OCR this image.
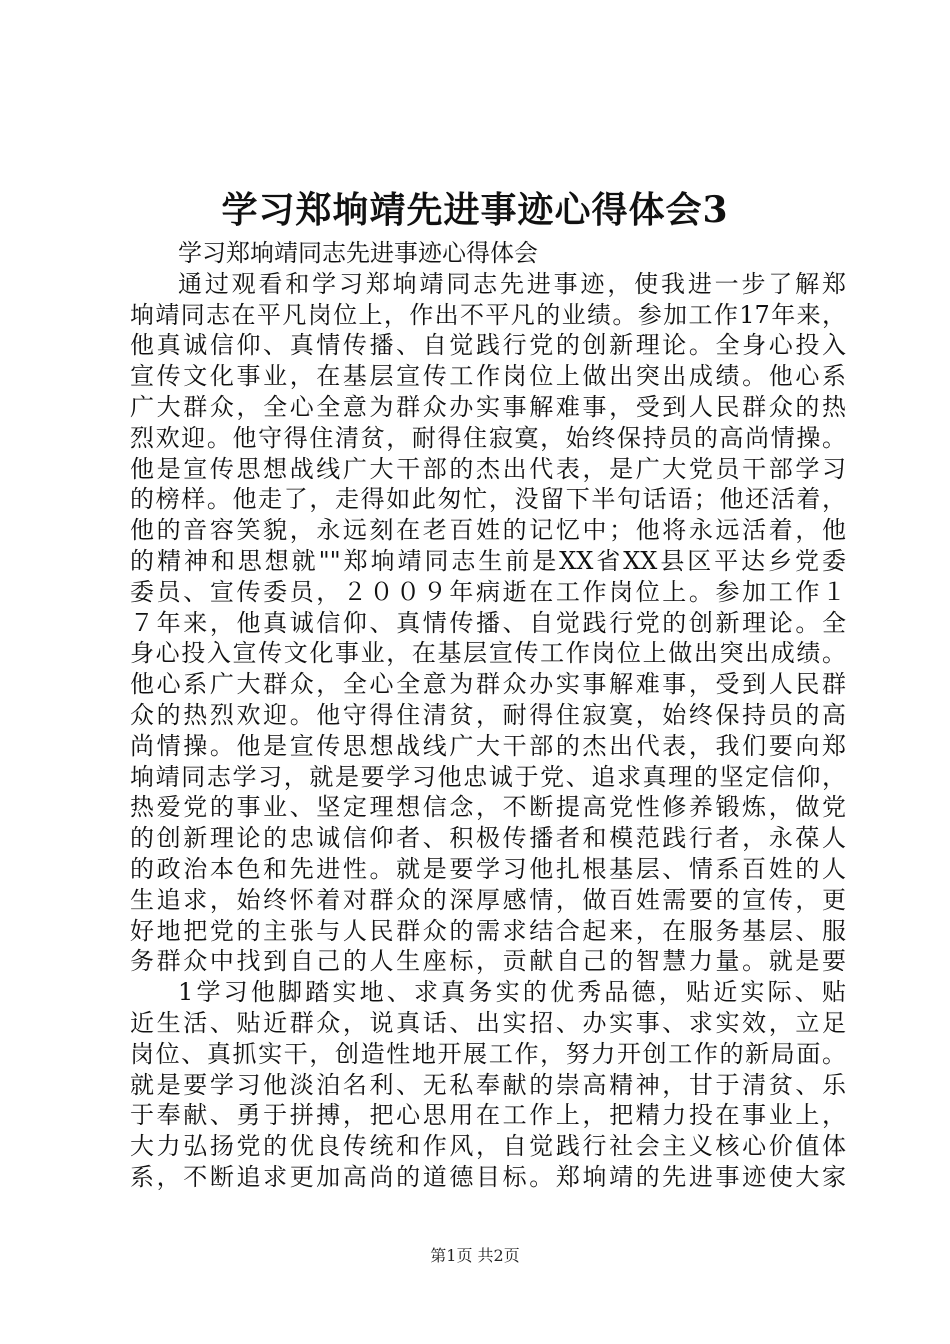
学习郑垧靖先进事迹心得体会3
学习郑垧靖同志先进事迹心得体会
通过观看和学习郑垧靖同志先进事迹，使我进一步了解郑
垧靖同志在平凡岗位上，作出不平凡的业绩。参加工作17年来，
他真诚信仰、真情传播、自觉践行党的创新理论。全身心投入
宣传文化事业，在基层宣传工作岗位上做出突出成绩。他心系
广大群众，全心全意为群众办实事解难事，受到人民群众的热
烈欢迎。他守得住清贫，耐得住寂寞，始终保持员的高尚情操。
他是宣传思想战线广大干部的杰出代表，是广大党员干部学习
的榜样。他走了，走得如此匆忙，没留下半句话语；他还活着，
他的音容笑貌，永远刻在老百姓的记忆中；他将永远活着，他
的精神和思想就""郑垧靖同志生前是XX省XX县区平达乡党委
委员、宣传委员，２００９年病逝在工作岗位上。参加工作１
７年来，他真诚信仰、真情传播、自觉践行党的创新理论。全
身心投入宣传文化事业，在基层宣传工作岗位上做出突出成绩。
他心系广大群众，全心全意为群众办实事解难事，受到人民群
众的热烈欢迎。他守得住清贫，耐得住寂寞，始终保持员的高
尚情操。他是宣传思想战线广大干部的杰出代表，我们要向郑
垧靖同志学习，就是要学习他忠诚于党、追求真理的坚定信仰，
热爱党的事业、坚定理想信念，不断提高党性修养锻炼，做党
的创新理论的忠诚信仰者、积极传播者和模范践行者，永葆人
的政治本色和先进性。就是要学习他扎根基层、情系百姓的人
生追求，始终怀着对群众的深厚感情，做百姓需要的宣传，更
好地把党的主张与人民群众的需求结合起来，在服务基层、服
务群众中找到自己的人生座标，贡献自己的智慧力量。就是要
1学习他脚踏实地、求真务实的优秀品德，贴近实际、贴
近生活、贴近群众，说真话、出实招、办实事、求实效，立足
岗位、真抓实干，创造性地开展工作，努力开创工作的新局面。
就是要学习他淡泊名利、无私奉献的崇高精神，甘于清贫、乐
于奉献、勇于拼搏，把心思用在工作上，把精力投在事业上，
大力弘扬党的优良传统和作风，自觉践行社会主义核心价值体
系，不断追求更加高尚的道德目标。郑垧靖的先进事迹使大家
第1页 共2页
